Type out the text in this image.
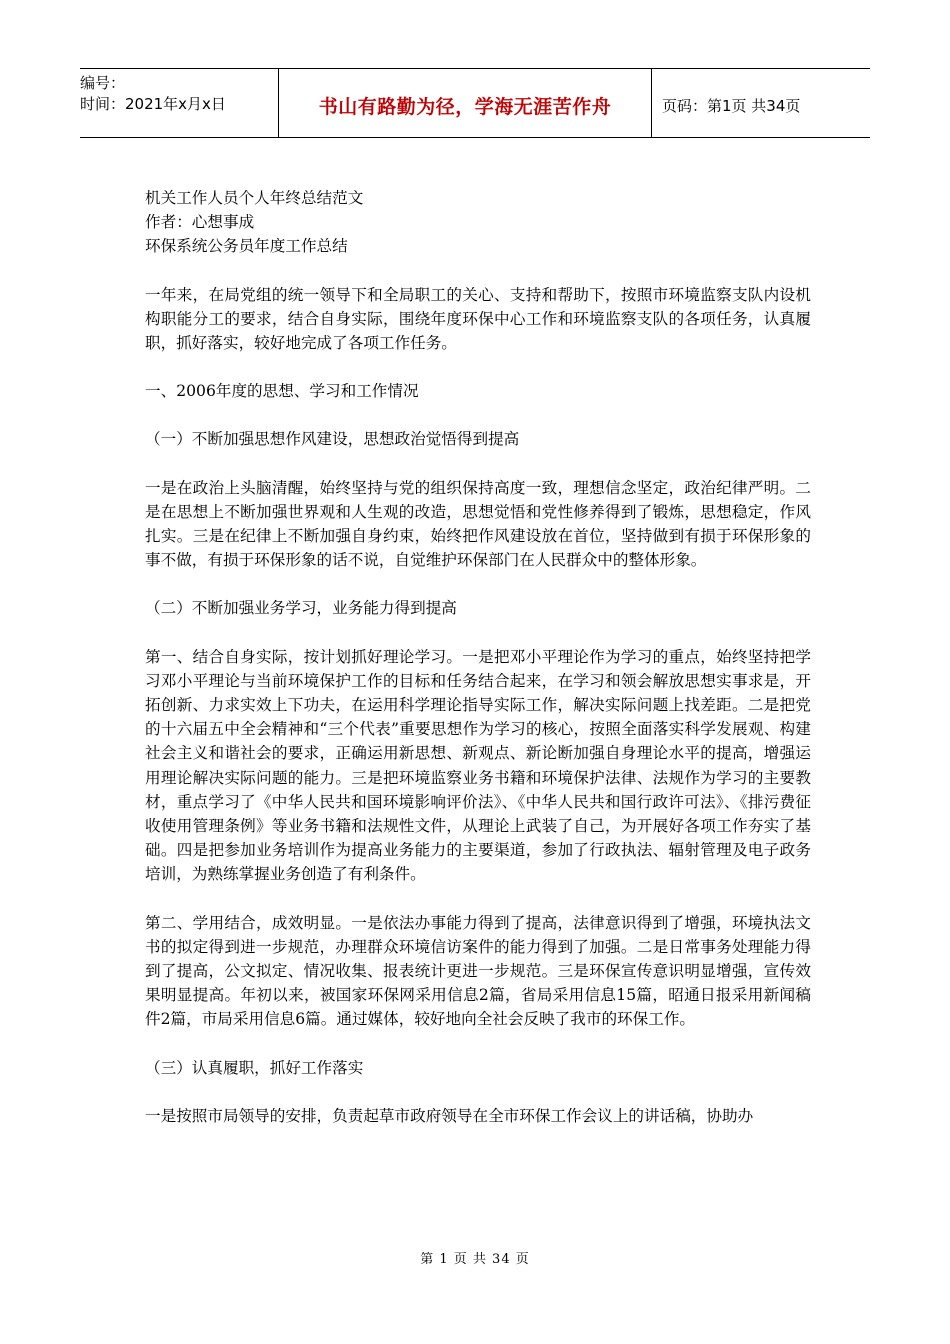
编号：
时间：2021年x月x日	书山有路勤为径，学海无涯苦作舟	页码：第1页 共34页

机关工作人员个人年终总结范文

作者：心想事成

环保系统公务员年度工作总结

一年来，在局党组的统一领导下和全局职工的关心、支持和帮助下，按照市环境监察支队内设机构职能分工的要求，结合自身实际，围绕年度环保中心工作和环境监察支队的各项任务，认真履职，抓好落实，较好地完成了各项工作任务。

一、2006年度的思想、学习和工作情况

（一）不断加强思想作风建设，思想政治觉悟得到提高

一是在政治上头脑清醒，始终坚持与党的组织保持高度一致，理想信念坚定，政治纪律严明。二是在思想上不断加强世界观和人生观的改造，思想觉悟和党性修养得到了锻炼，思想稳定，作风扎实。三是在纪律上不断加强自身约束，始终把作风建设放在首位，坚持做到有损于环保形象的事不做，有损于环保形象的话不说，自觉维护环保部门在人民群众中的整体形象。

（二）不断加强业务学习，业务能力得到提高

第一、结合自身实际，按计划抓好理论学习。一是把邓小平理论作为学习的重点，始终坚持把学习邓小平理论与当前环境保护工作的目标和任务结合起来，在学习和领会解放思想实事求是，开拓创新、力求实效上下功夫，在运用科学理论指导实际工作，解决实际问题上找差距。二是把党的十六届五中全会精神和“三个代表”重要思想作为学习的核心，按照全面落实科学发展观、构建社会主义和谐社会的要求，正确运用新思想、新观点、新论断加强自身理论水平的提高，增强运用理论解决实际问题的能力。三是把环境监察业务书籍和环境保护法律、法规作为学习的主要教材，重点学习了《中华人民共和国环境影响评价法》、《中华人民共和国行政许可法》、《排污费征收使用管理条例》等业务书籍和法规性文件，从理论上武装了自己，为开展好各项工作夯实了基础。四是把参加业务培训作为提高业务能力的主要渠道，参加了行政执法、辐射管理及电子政务培训，为熟练掌握业务创造了有利条件。

第二、学用结合，成效明显。一是依法办事能力得到了提高，法律意识得到了增强，环境执法文书的拟定得到进一步规范，办理群众环境信访案件的能力得到了加强。二是日常事务处理能力得到了提高，公文拟定、情况收集、报表统计更进一步规范。三是环保宣传意识明显增强，宣传效果明显提高。年初以来，被国家环保网采用信息2篇，省局采用信息15篇，昭通日报采用新闻稿件2篇，市局采用信息6篇。通过媒体，较好地向全社会反映了我市的环保工作。

（三）认真履职，抓好工作落实

一是按照市局领导的安排，负责起草市政府领导在全市环保工作会议上的讲话稿，协助办

第 1 页 共 34 页
